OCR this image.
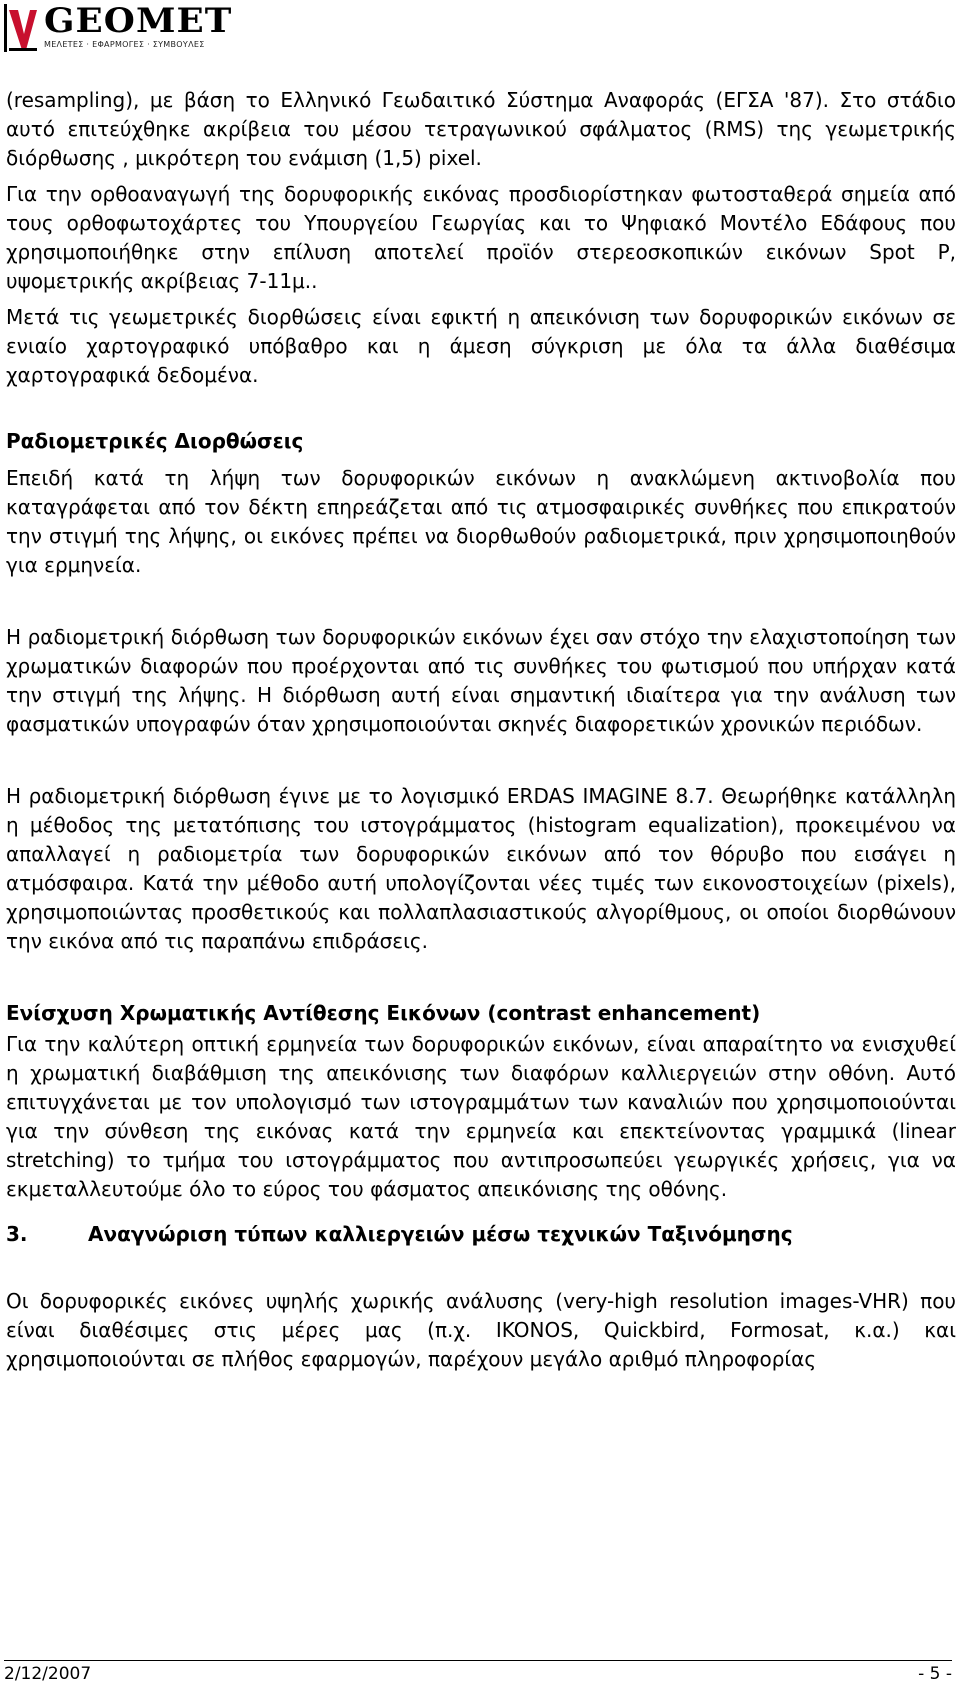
GEOMET
ΜΕΛΕΤΕΣ · ΕΦΑΡΜΟΓΕΣ · ΣΥΜΒΟΥΛΕΣ

(resampling), με βάση το Ελληνικό Γεωδαιτικό Σύστημα Αναφοράς (ΕΓΣΑ '87). Στο στάδιο αυτό επιτεύχθηκε ακρίβεια του μέσου τετραγωνικού σφάλματος (RMS) της γεωμετρικής διόρθωσης , μικρότερη του ενάμιση (1,5) pixel.

Για την ορθοαναγωγή της δορυφορικής εικόνας προσδιορίστηκαν φωτοσταθερά σημεία από τους ορθοφωτοχάρτες του Υπουργείου Γεωργίας και το Ψηφιακό Μοντέλο Εδάφους που χρησιμοποιήθηκε στην επίλυση αποτελεί προϊόν στερεοσκοπικών εικόνων Spot P, υψομετρικής ακρίβειας 7-11μ..

Μετά τις γεωμετρικές διορθώσεις είναι εφικτή η απεικόνιση των δορυφορικών εικόνων σε ενιαίο χαρτογραφικό υπόβαθρο και η άμεση σύγκριση με όλα τα άλλα διαθέσιμα χαρτογραφικά δεδομένα.

Ραδιομετρικές Διορθώσεις

Επειδή κατά τη λήψη των δορυφορικών εικόνων η ανακλώμενη ακτινοβολία που καταγράφεται από τον δέκτη επηρεάζεται από τις ατμοσφαιρικές συνθήκες που επικρατούν την στιγμή της λήψης, οι εικόνες πρέπει να διορθωθούν ραδιομετρικά, πριν χρησιμοποιηθούν για ερμηνεία.

Η ραδιομετρική διόρθωση των δορυφορικών εικόνων έχει σαν στόχο την ελαχιστοποίηση των χρωματικών διαφορών που προέρχονται από τις συνθήκες του φωτισμού που υπήρχαν κατά την στιγμή της λήψης. Η διόρθωση αυτή είναι σημαντική ιδιαίτερα για την ανάλυση των φασματικών υπογραφών όταν χρησιμοποιούνται σκηνές διαφορετικών χρονικών περιόδων.

Η ραδιομετρική διόρθωση έγινε με το λογισμικό ERDAS IMAGINE 8.7. Θεωρήθηκε κατάλληλη η μέθοδος της μετατόπισης του ιστογράμματος (histogram equalization), προκειμένου να απαλλαγεί η ραδιομετρία των δορυφορικών εικόνων από τον θόρυβο που εισάγει η ατμόσφαιρα. Κατά την μέθοδο αυτή υπολογίζονται νέες τιμές των εικονοστοιχείων (pixels), χρησιμοποιώντας προσθετικούς και πολλαπλασιαστικούς αλγορίθμους, οι οποίοι διορθώνουν την εικόνα από τις παραπάνω επιδράσεις.

Ενίσχυση Χρωματικής Αντίθεσης Εικόνων (contrast enhancement)

Για την καλύτερη οπτική ερμηνεία των δορυφορικών εικόνων, είναι απαραίτητο να ενισχυθεί η χρωματική διαβάθμιση της απεικόνισης των διαφόρων καλλιεργειών στην οθόνη. Αυτό επιτυγχάνεται με τον υπολογισμό των ιστογραμμάτων των καναλιών που χρησιμοποιούνται για την σύνθεση της εικόνας κατά την ερμηνεία και επεκτείνοντας γραμμικά (linear stretching) το τμήμα του ιστογράμματος που αντιπροσωπεύει γεωργικές χρήσεις, για να εκμεταλλευτούμε όλο το εύρος του φάσματος απεικόνισης της οθόνης.

3.	Αναγνώριση τύπων καλλιεργειών μέσω τεχνικών Ταξινόμησης

Οι δορυφορικές εικόνες υψηλής χωρικής ανάλυσης (very-high resolution images-VHR) που είναι διαθέσιμες στις μέρες μας (π.χ. IKONOS, Quickbird, Formosat, κ.α.) και χρησιμοποιούνται σε πλήθος εφαρμογών, παρέχουν μεγάλο αριθμό πληροφορίας

2/12/2007	- 5 -
